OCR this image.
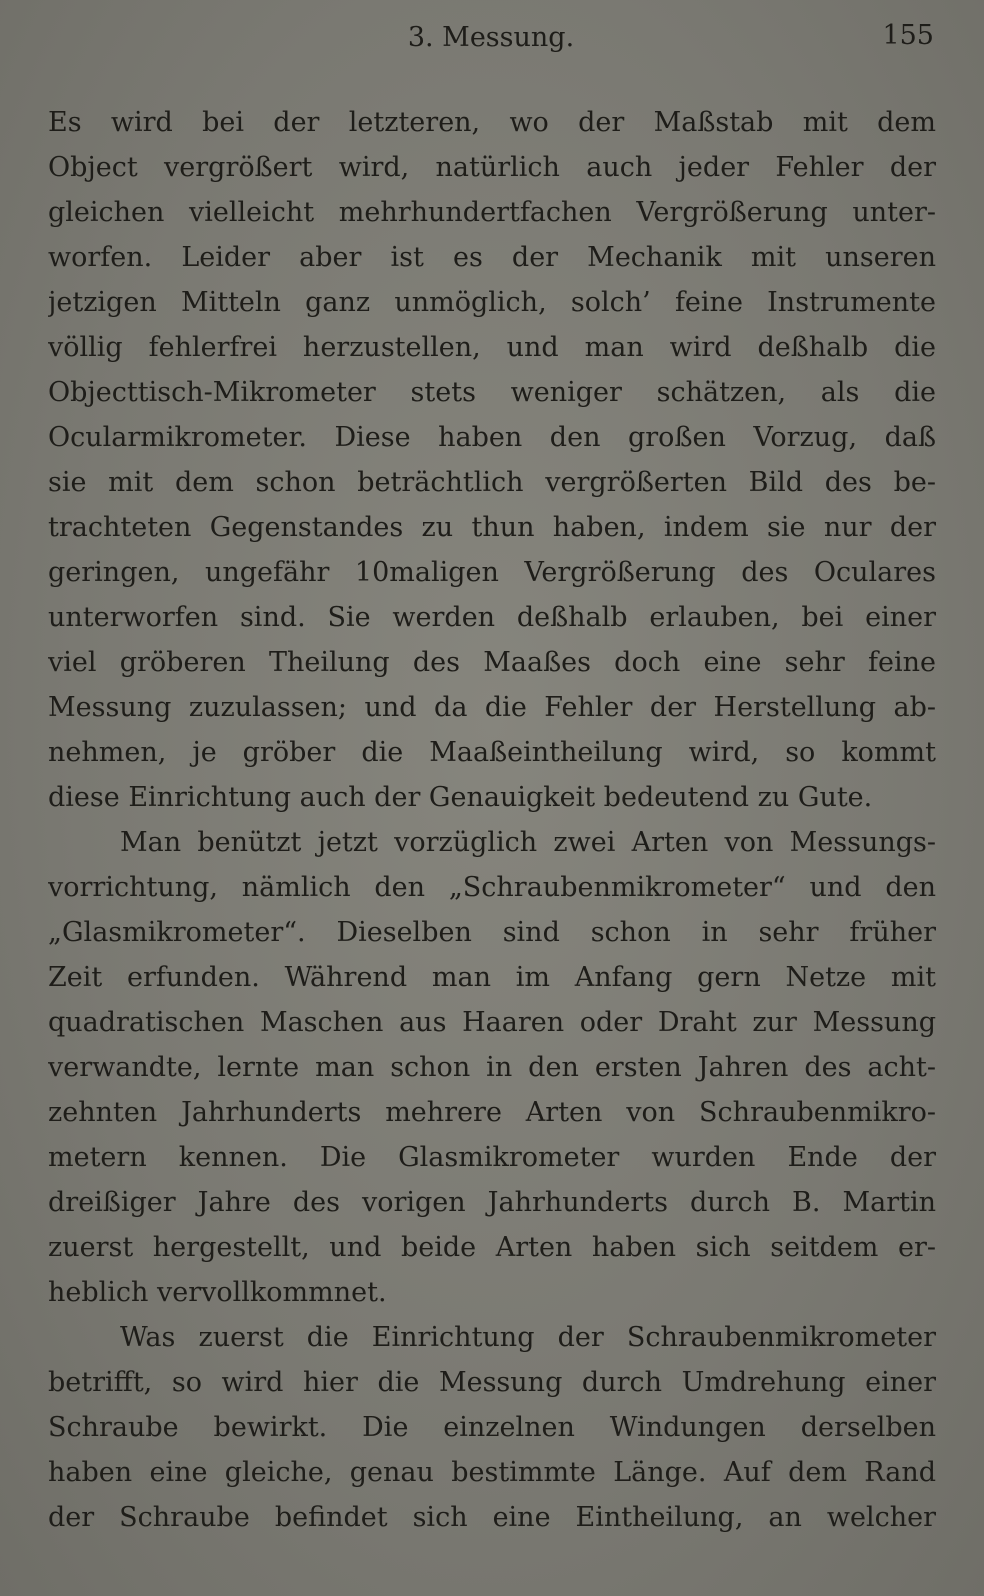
3. Messung.	155
Es wird bei der letzteren, wo der Maßstab mit dem
Object vergrößert wird, natürlich auch jeder Fehler der
gleichen vielleicht mehrhundertfachen Vergrößerung unter-
worfen. Leider aber ist es der Mechanik mit unseren
jetzigen Mitteln ganz unmöglich, solch’ feine Instrumente
völlig fehlerfrei herzustellen, und man wird deßhalb die
Objecttisch-Mikrometer stets weniger schätzen, als die
Ocularmikrometer. Diese haben den großen Vorzug, daß
sie mit dem schon beträchtlich vergrößerten Bild des be-
trachteten Gegenstandes zu thun haben, indem sie nur der
geringen, ungefähr 10maligen Vergrößerung des Oculares
unterworfen sind. Sie werden deßhalb erlauben, bei einer
viel gröberen Theilung des Maaßes doch eine sehr feine
Messung zuzulassen; und da die Fehler der Herstellung ab-
nehmen, je gröber die Maaßeintheilung wird, so kommt
diese Einrichtung auch der Genauigkeit bedeutend zu Gute.
Man benützt jetzt vorzüglich zwei Arten von Messungs-
vorrichtung, nämlich den „Schraubenmikrometer“ und den
„Glasmikrometer“. Dieselben sind schon in sehr früher
Zeit erfunden. Während man im Anfang gern Netze mit
quadratischen Maschen aus Haaren oder Draht zur Messung
verwandte, lernte man schon in den ersten Jahren des acht-
zehnten Jahrhunderts mehrere Arten von Schraubenmikro-
metern kennen. Die Glasmikrometer wurden Ende der
dreißiger Jahre des vorigen Jahrhunderts durch B. Martin
zuerst hergestellt, und beide Arten haben sich seitdem er-
heblich vervollkommnet.
Was zuerst die Einrichtung der Schraubenmikrometer
betrifft, so wird hier die Messung durch Umdrehung einer
Schraube bewirkt. Die einzelnen Windungen derselben
haben eine gleiche, genau bestimmte Länge. Auf dem Rand
der Schraube befindet sich eine Eintheilung, an welcher
